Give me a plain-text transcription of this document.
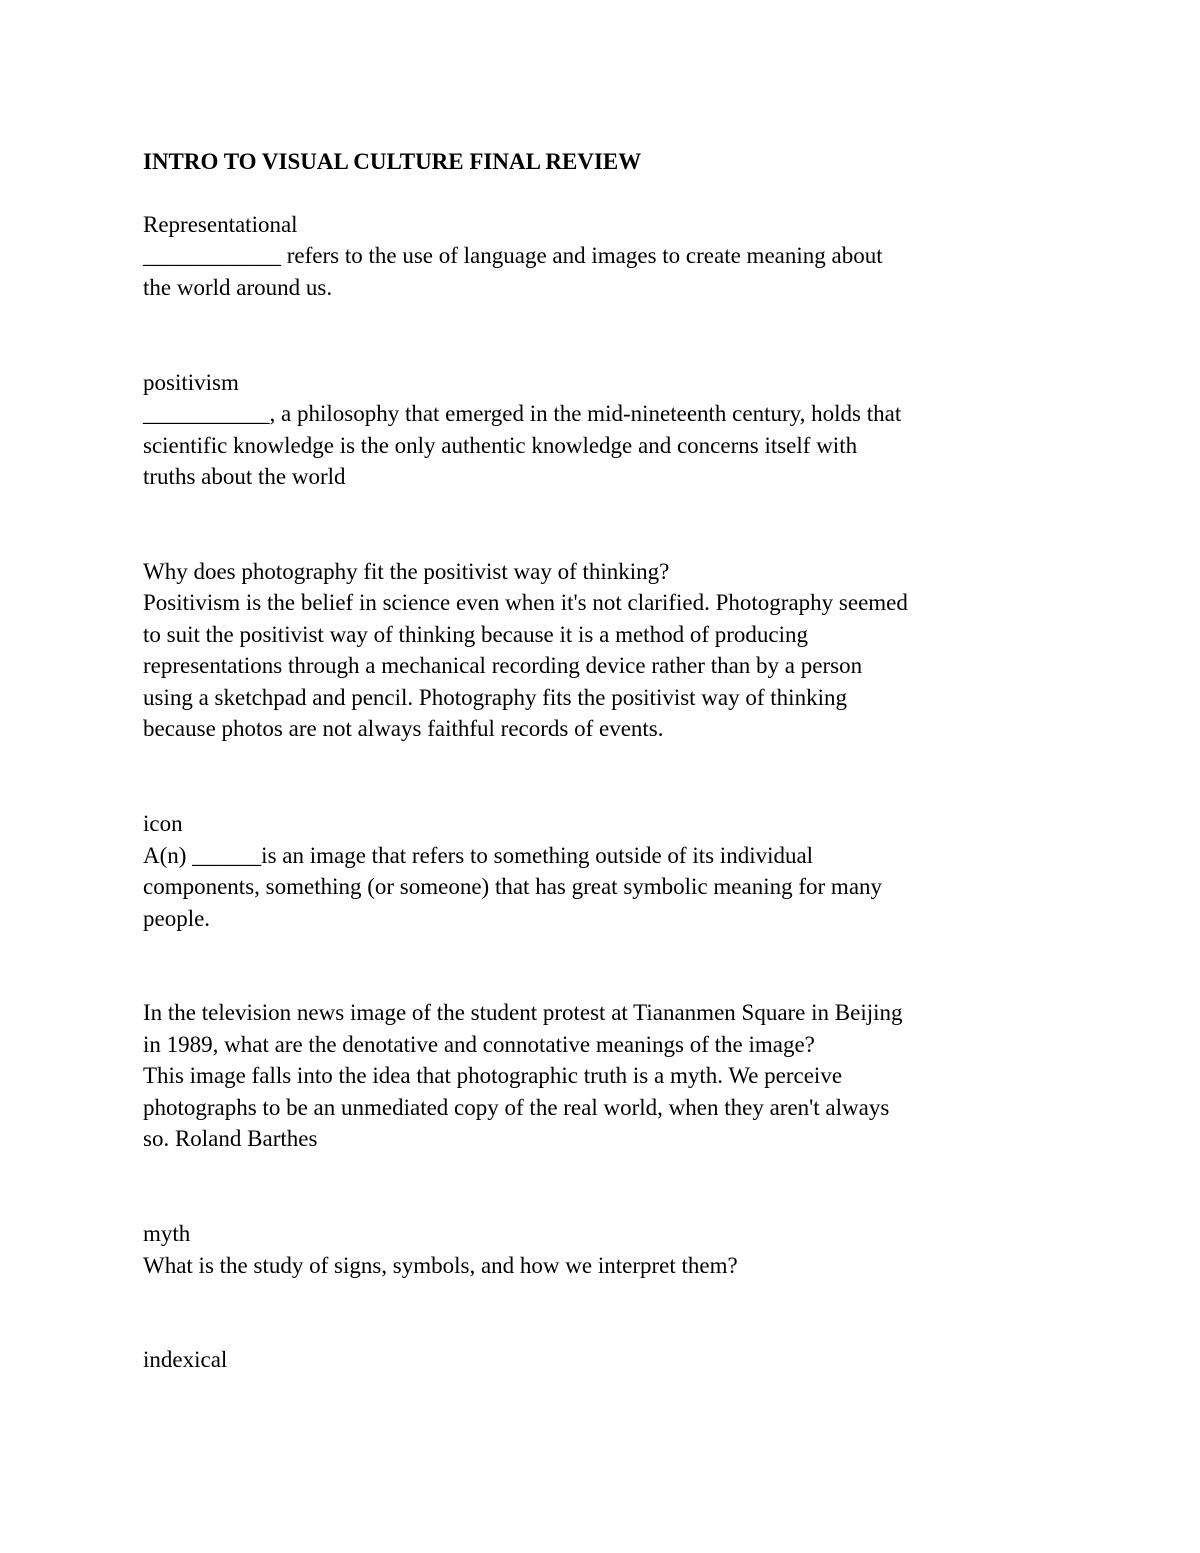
INTRO TO VISUAL CULTURE FINAL REVIEW
Representational
____________ refers to the use of language and images to create meaning about
the world around us.
positivism
___________, a philosophy that emerged in the mid-nineteenth century, holds that
scientific knowledge is the only authentic knowledge and concerns itself with
truths about the world
Why does photography fit the positivist way of thinking?
Positivism is the belief in science even when it's not clarified. Photography seemed
to suit the positivist way of thinking because it is a method of producing
representations through a mechanical recording device rather than by a person
using a sketchpad and pencil. Photography fits the positivist way of thinking
because photos are not always faithful records of events.
icon
A(n) ______is an image that refers to something outside of its individual
components, something (or someone) that has great symbolic meaning for many
people.
In the television news image of the student protest at Tiananmen Square in Beijing
in 1989, what are the denotative and connotative meanings of the image?
This image falls into the idea that photographic truth is a myth. We perceive
photographs to be an unmediated copy of the real world, when they aren't always
so. Roland Barthes
myth
What is the study of signs, symbols, and how we interpret them?
indexical
